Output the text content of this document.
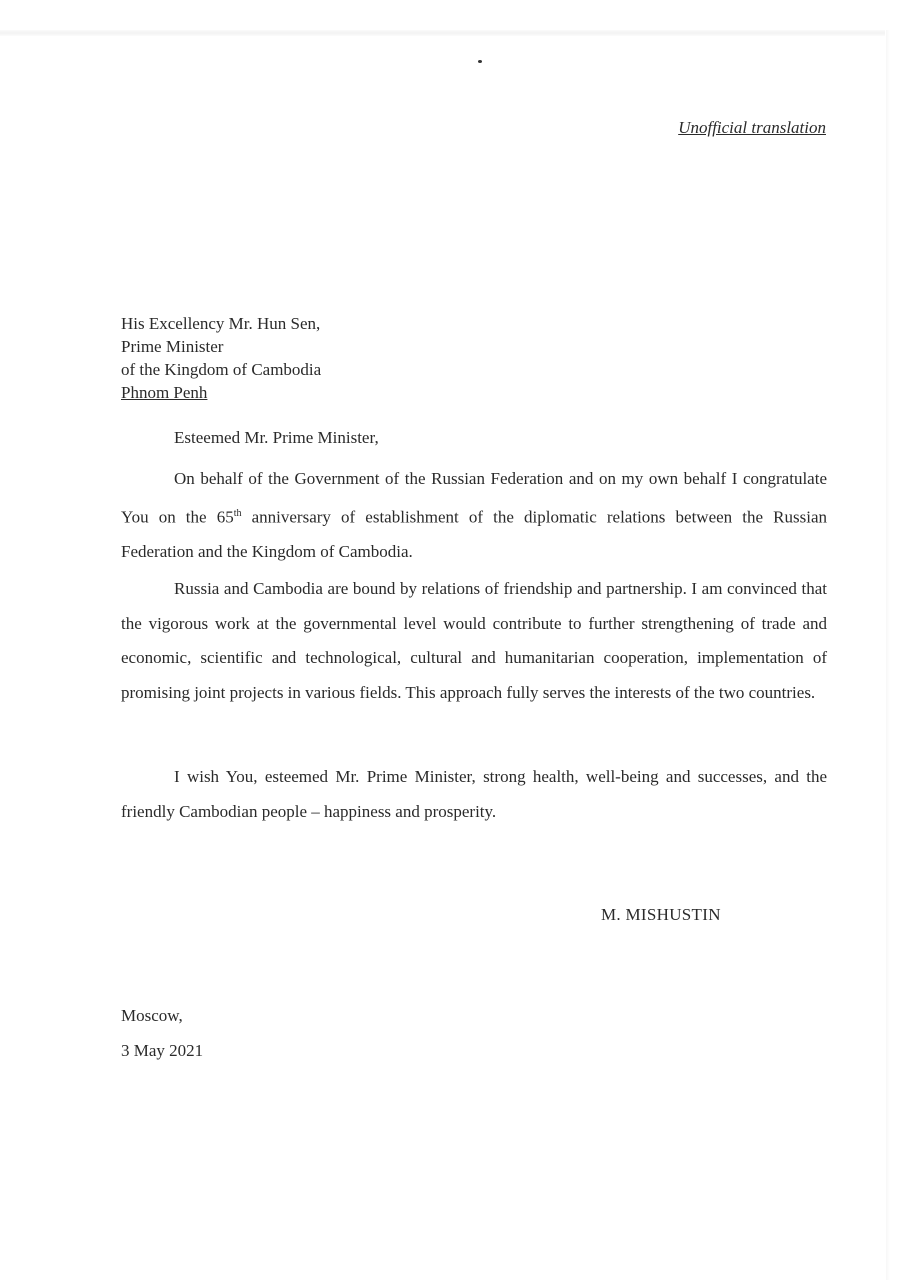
Unofficial translation
His Excellency Mr. Hun Sen,
Prime Minister
of the Kingdom of Cambodia
Phnom Penh
Esteemed Mr. Prime Minister,

On behalf of the Government of the Russian Federation and on my own behalf I congratulate You on the 65th anniversary of establishment of the diplomatic relations between the Russian Federation and the Kingdom of Cambodia.

Russia and Cambodia are bound by relations of friendship and partnership. I am convinced that the vigorous work at the governmental level would contribute to further strengthening of trade and economic, scientific and technological, cultural and humanitarian cooperation, implementation of promising joint projects in various fields. This approach fully serves the interests of the two countries.

I wish You, esteemed Mr. Prime Minister, strong health, well-being and successes, and the friendly Cambodian people – happiness and prosperity.

M. MISHUSTIN
Moscow,
3 May 2021
